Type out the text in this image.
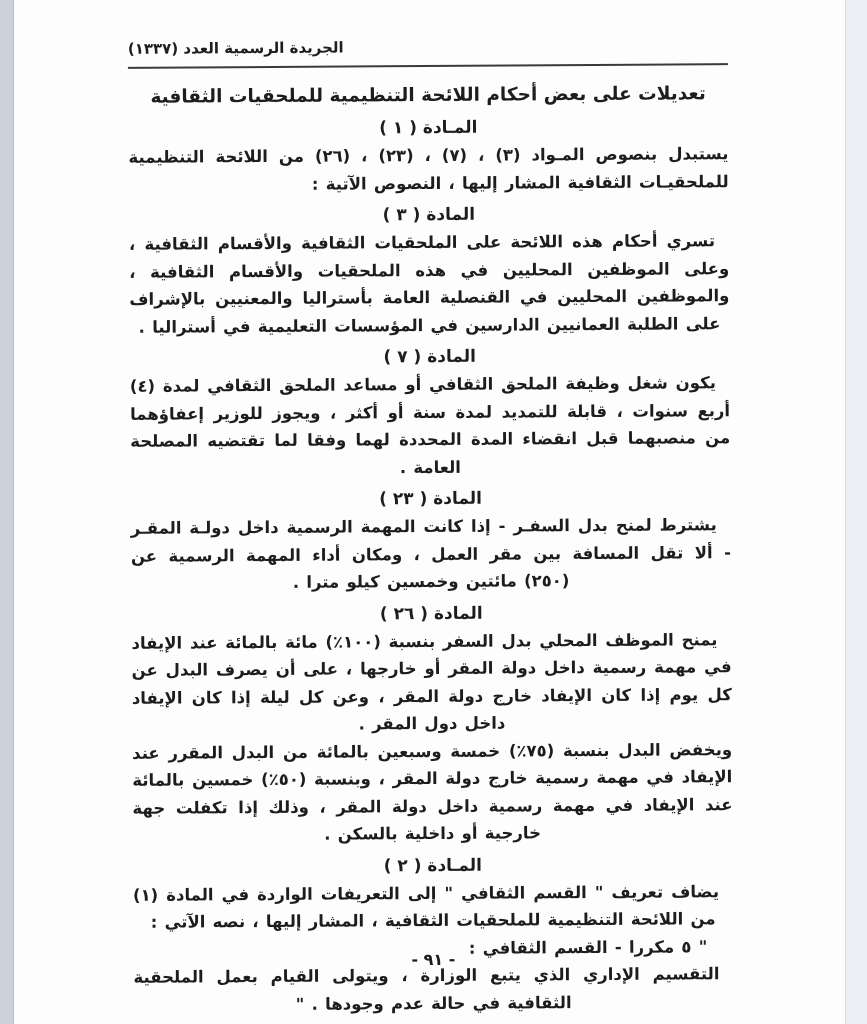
الجريدة الرسمية العدد (١٣٣٧)
تعديلات على بعض أحكام اللائحة التنظيمية للملحقيات الثقافية
المـادة ( ١ )

يستبدل بنصوص المـواد (٣) ، (٧) ، (٢٣) ، (٢٦) من اللائحة التنظيمية للملحقيـات الثقافية المشار إليها ، النصوص الآتية :

المادة ( ٣ )

تسري أحكام هذه اللائحة على الملحقيات الثقافية والأقسام الثقافية ، وعلى الموظفين المحليين في هذه الملحقيات والأقسام الثقافية ، والموظفين المحليين في القنصلية العامة بأستراليا والمعنيين بالإشراف على الطلبة العمانيين الدارسين في المؤسسات التعليمية في أستراليا .

المادة ( ٧ )

يكون شغل وظيفة الملحق الثقافي أو مساعد الملحق الثقافي لمدة (٤) أربع سنوات ، قابلة للتمديد لمدة سنة أو أكثر ، ويجوز للوزير إعفاؤهما من منصبهما قبل انقضاء المدة المحددة لهما وفقا لما تقتضيه المصلحة العامة .

المادة ( ٢٣ )

يشترط لمنح بدل السفـر - إذا كانت المهمة الرسمية داخل دولـة المقـر - ألا تقل المسافة بين مقر العمل ، ومكان أداء المهمة الرسمية عن (٢٥٠) مائتين وخمسين كيلو مترا .

المادة ( ٢٦ )

يمنح الموظف المحلي بدل السفر بنسبة (١٠٠٪) مائة بالمائة عند الإيفاد في مهمة رسمية داخل دولة المقر أو خارجها ، على أن يصرف البدل عن كل يوم إذا كان الإيفاد خارج دولة المقر ، وعن كل ليلة إذا كان الإيفاد داخل دول المقر .

ويخفض البدل بنسبة (٧٥٪) خمسة وسبعين بالمائة من البدل المقرر عند الإيفاد في مهمة رسمية خارج دولة المقر ، وبنسبة (٥٠٪) خمسين بالمائة عند الإيفاد في مهمة رسمية داخل دولة المقر ، وذلك إذا تكفلت جهة خارجية أو داخلية بالسكن .

المـادة ( ٢ )

يضاف تعريف " القسم الثقافي " إلى التعريفات الواردة في المادة (١) من اللائحة التنظيمية للملحقيات الثقافية ، المشار إليها ، نصه الآتي :

" ٥ مكررا - القسم الثقافي :

التقسيم الإداري الذي يتبع الوزارة ، ويتولى القيام بعمل الملحقية الثقافية في حالة عدم وجودها . "

- ٩١ -
